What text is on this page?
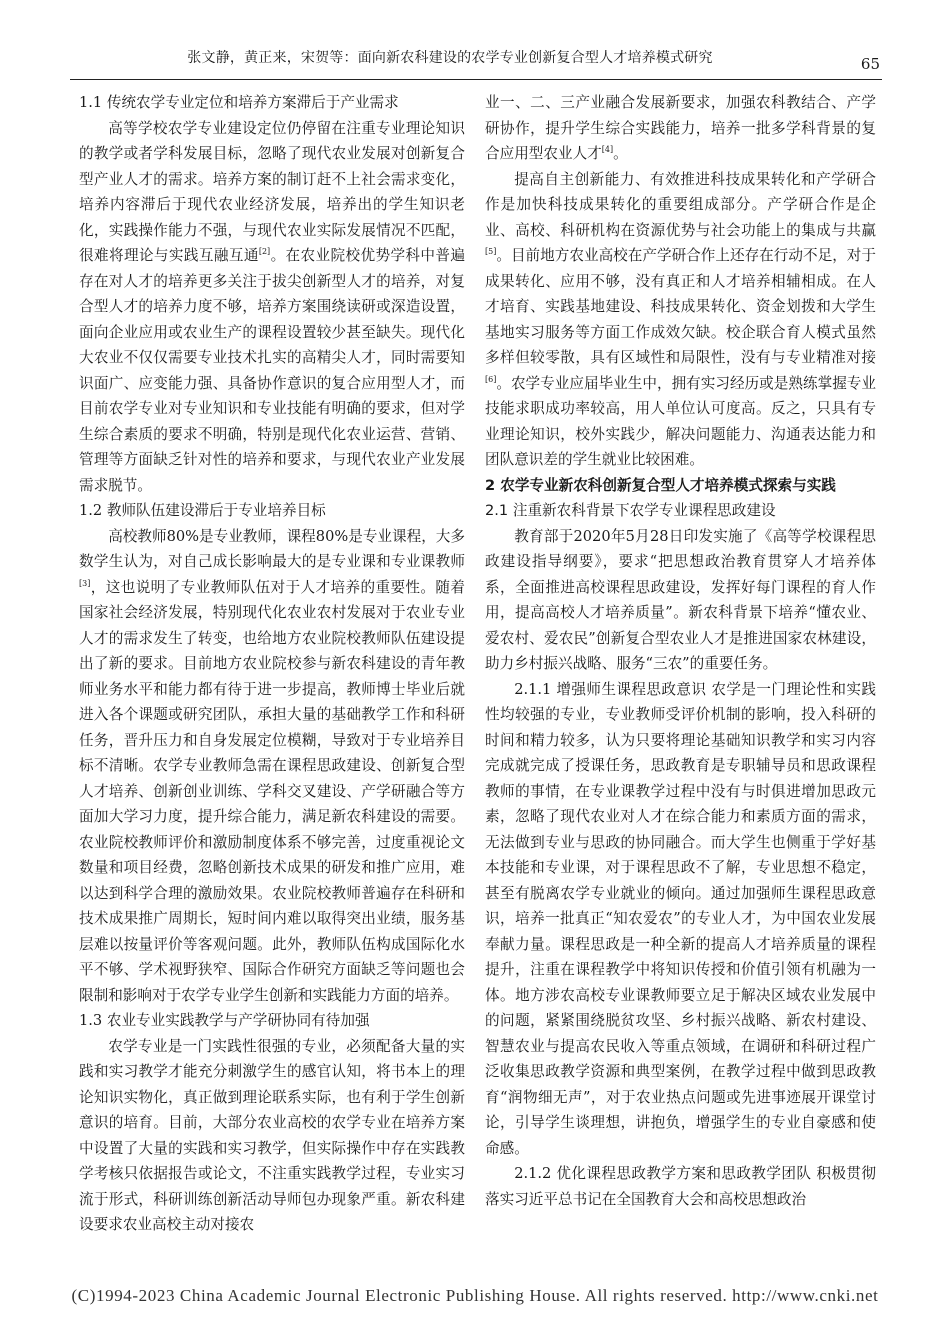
张文静，黄正来，宋贺等：面向新农科建设的农学专业创新复合型人才培养模式研究	65

1.1 传统农学专业定位和培养方案滞后于产业需求

高等学校农学专业建设定位仍停留在注重专业理论知识的教学或者学科发展目标，忽略了现代农业发展对创新复合型产业人才的需求。培养方案的制订赶不上社会需求变化，培养内容滞后于现代农业经济发展，培养出的学生知识老化，实践操作能力不强，与现代农业实际发展情况不匹配，很难将理论与实践互融互通[2]。在农业院校优势学科中普遍存在对人才的培养更多关注于拔尖创新型人才的培养，对复合型人才的培养力度不够，培养方案围绕读研或深造设置，面向企业应用或农业生产的课程设置较少甚至缺失。现代化大农业不仅仅需要专业技术扎实的高精尖人才，同时需要知识面广、应变能力强、具备协作意识的复合应用型人才，而目前农学专业对专业知识和专业技能有明确的要求，但对学生综合素质的要求不明确，特别是现代化农业运营、营销、管理等方面缺乏针对性的培养和要求，与现代农业产业发展需求脱节。

1.2 教师队伍建设滞后于专业培养目标

高校教师80%是专业教师，课程80%是专业课程，大多数学生认为，对自己成长影响最大的是专业课和专业课教师[3]，这也说明了专业教师队伍对于人才培养的重要性。随着国家社会经济发展，特别现代化农业农村发展对于农业专业人才的需求发生了转变，也给地方农业院校教师队伍建设提出了新的要求。目前地方农业院校参与新农科建设的青年教师业务水平和能力都有待于进一步提高，教师博士毕业后就进入各个课题或研究团队，承担大量的基础教学工作和科研任务，晋升压力和自身发展定位模糊，导致对于专业培养目标不清晰。农学专业教师急需在课程思政建设、创新复合型人才培养、创新创业训练、学科交叉建设、产学研融合等方面加大学习力度，提升综合能力，满足新农科建设的需要。农业院校教师评价和激励制度体系不够完善，过度重视论文数量和项目经费，忽略创新技术成果的研发和推广应用，难以达到科学合理的激励效果。农业院校教师普遍存在科研和技术成果推广周期长，短时间内难以取得突出业绩，服务基层难以按量评价等客观问题。此外，教师队伍构成国际化水平不够、学术视野狭窄、国际合作研究方面缺乏等问题也会限制和影响对于农学专业学生创新和实践能力方面的培养。

1.3 农业专业实践教学与产学研协同有待加强

农学专业是一门实践性很强的专业，必须配备大量的实践和实习教学才能充分刺激学生的感官认知，将书本上的理论知识实物化，真正做到理论联系实际，也有利于学生创新意识的培育。目前，大部分农业高校的农学专业在培养方案中设置了大量的实践和实习教学，但实际操作中存在实践教学考核只依据报告或论文，不注重实践教学过程，专业实习流于形式，科研训练创新活动导师包办现象严重。新农科建设要求农业高校主动对接农

业一、二、三产业融合发展新要求，加强农科教结合、产学研协作，提升学生综合实践能力，培养一批多学科背景的复合应用型农业人才[4]。

提高自主创新能力、有效推进科技成果转化和产学研合作是加快科技成果转化的重要组成部分。产学研合作是企业、高校、科研机构在资源优势与社会功能上的集成与共赢[5]。目前地方农业高校在产学研合作上还存在行动不足，对于成果转化、应用不够，没有真正和人才培养相辅相成。在人才培育、实践基地建设、科技成果转化、资金划拨和大学生基地实习服务等方面工作成效欠缺。校企联合育人模式虽然多样但较零散，具有区域性和局限性，没有与专业精准对接[6]。农学专业应届毕业生中，拥有实习经历或是熟练掌握专业技能求职成功率较高，用人单位认可度高。反之，只具有专业理论知识，校外实践少，解决问题能力、沟通表达能力和团队意识差的学生就业比较困难。

2 农学专业新农科创新复合型人才培养模式探索与实践

2.1 注重新农科背景下农学专业课程思政建设

教育部于2020年5月28日印发实施了《高等学校课程思政建设指导纲要》，要求“把思想政治教育贯穿人才培养体系，全面推进高校课程思政建设，发挥好每门课程的育人作用，提高高校人才培养质量”。新农科背景下培养“懂农业、爱农村、爱农民”创新复合型农业人才是推进国家农林建设，助力乡村振兴战略、服务“三农”的重要任务。

2.1.1 增强师生课程思政意识 农学是一门理论性和实践性均较强的专业，专业教师受评价机制的影响，投入科研的时间和精力较多，认为只要将理论基础知识教学和实习内容完成就完成了授课任务，思政教育是专职辅导员和思政课程教师的事情，在专业课教学过程中没有与时俱进增加思政元素，忽略了现代农业对人才在综合能力和素质方面的需求，无法做到专业与思政的协同融合。而大学生也侧重于学好基本技能和专业课，对于课程思政不了解，专业思想不稳定，甚至有脱离农学专业就业的倾向。通过加强师生课程思政意识，培养一批真正“知农爱农”的专业人才，为中国农业发展奉献力量。课程思政是一种全新的提高人才培养质量的课程提升，注重在课程教学中将知识传授和价值引领有机融为一体。地方涉农高校专业课教师要立足于解决区域农业发展中的问题，紧紧围绕脱贫攻坚、乡村振兴战略、新农村建设、智慧农业与提高农民收入等重点领域，在调研和科研过程广泛收集思政教学资源和典型案例，在教学过程中做到思政教育“润物细无声”，对于农业热点问题或先进事迹展开课堂讨论，引导学生谈理想，讲抱负，增强学生的专业自豪感和使命感。

2.1.2 优化课程思政教学方案和思政教学团队 积极贯彻落实习近平总书记在全国教育大会和高校思想政治

(C)1994-2023 China Academic Journal Electronic Publishing House. All rights reserved. http://www.cnki.net
